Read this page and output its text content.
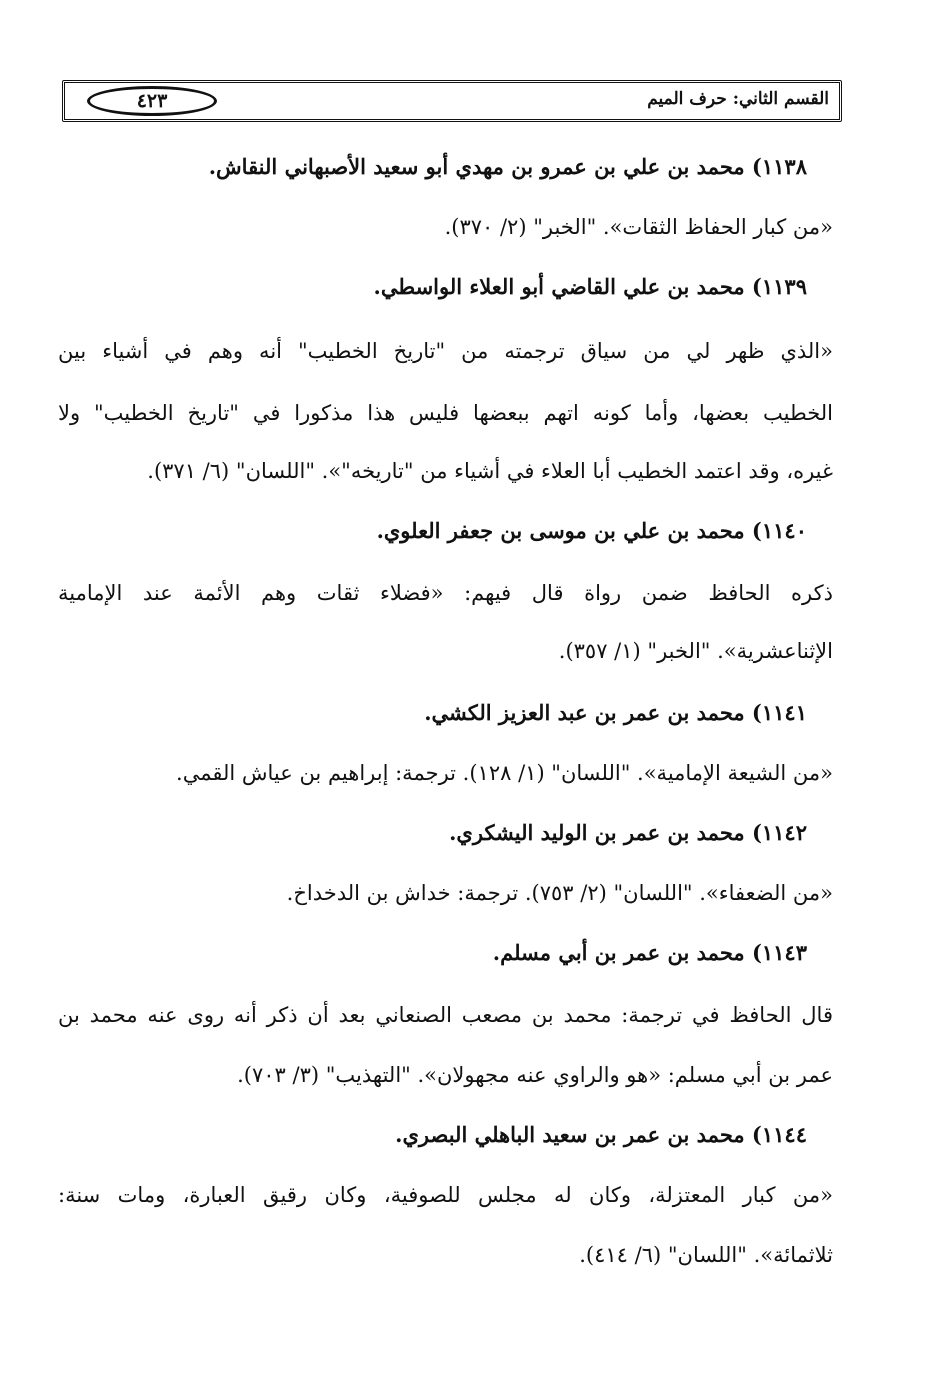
القسم الثاني: حرف الميم
٤٢٣
١١٣٨) محمد بن علي بن عمرو بن مهدي أبو سعيد الأصبهاني النقاش.
«من كبار الحفاظ الثقات». "الخبر" (٢/ ٣٧٠).
١١٣٩) محمد بن علي القاضي أبو العلاء الواسطي.
«الذي ظهر لي من سياق ترجمته من "تاريخ الخطيب" أنه وهم في أشياء بين
الخطيب بعضها، وأما كونه اتهم ببعضها فليس هذا مذكورا في "تاريخ الخطيب" ولا
غيره، وقد اعتمد الخطيب أبا العلاء في أشياء من "تاريخه"». "اللسان" (٦/ ٣٧١).
١١٤٠) محمد بن علي بن موسى بن جعفر العلوي.
ذكره الحافظ ضمن رواة قال فيهم: «فضلاء ثقات وهم الأئمة عند الإمامية
الإثناعشرية». "الخبر" (١/ ٣٥٧).
١١٤١) محمد بن عمر بن عبد العزيز الكشي.
«من الشيعة الإمامية». "اللسان" (١/ ١٢٨). ترجمة: إبراهيم بن عياش القمي.
١١٤٢) محمد بن عمر بن الوليد اليشكري.
«من الضعفاء». "اللسان" (٢/ ٧٥٣). ترجمة: خداش بن الدخداخ.
١١٤٣) محمد بن عمر بن أبي مسلم.
قال الحافظ في ترجمة: محمد بن مصعب الصنعاني بعد أن ذكر أنه روى عنه محمد بن
عمر بن أبي مسلم: «هو والراوي عنه مجهولان». "التهذيب" (٣/ ٧٠٣).
١١٤٤) محمد بن عمر بن سعيد الباهلي البصري.
«من كبار المعتزلة، وكان له مجلس للصوفية، وكان رقيق العبارة، ومات سنة:
ثلاثمائة». "اللسان" (٦/ ٤١٤).
